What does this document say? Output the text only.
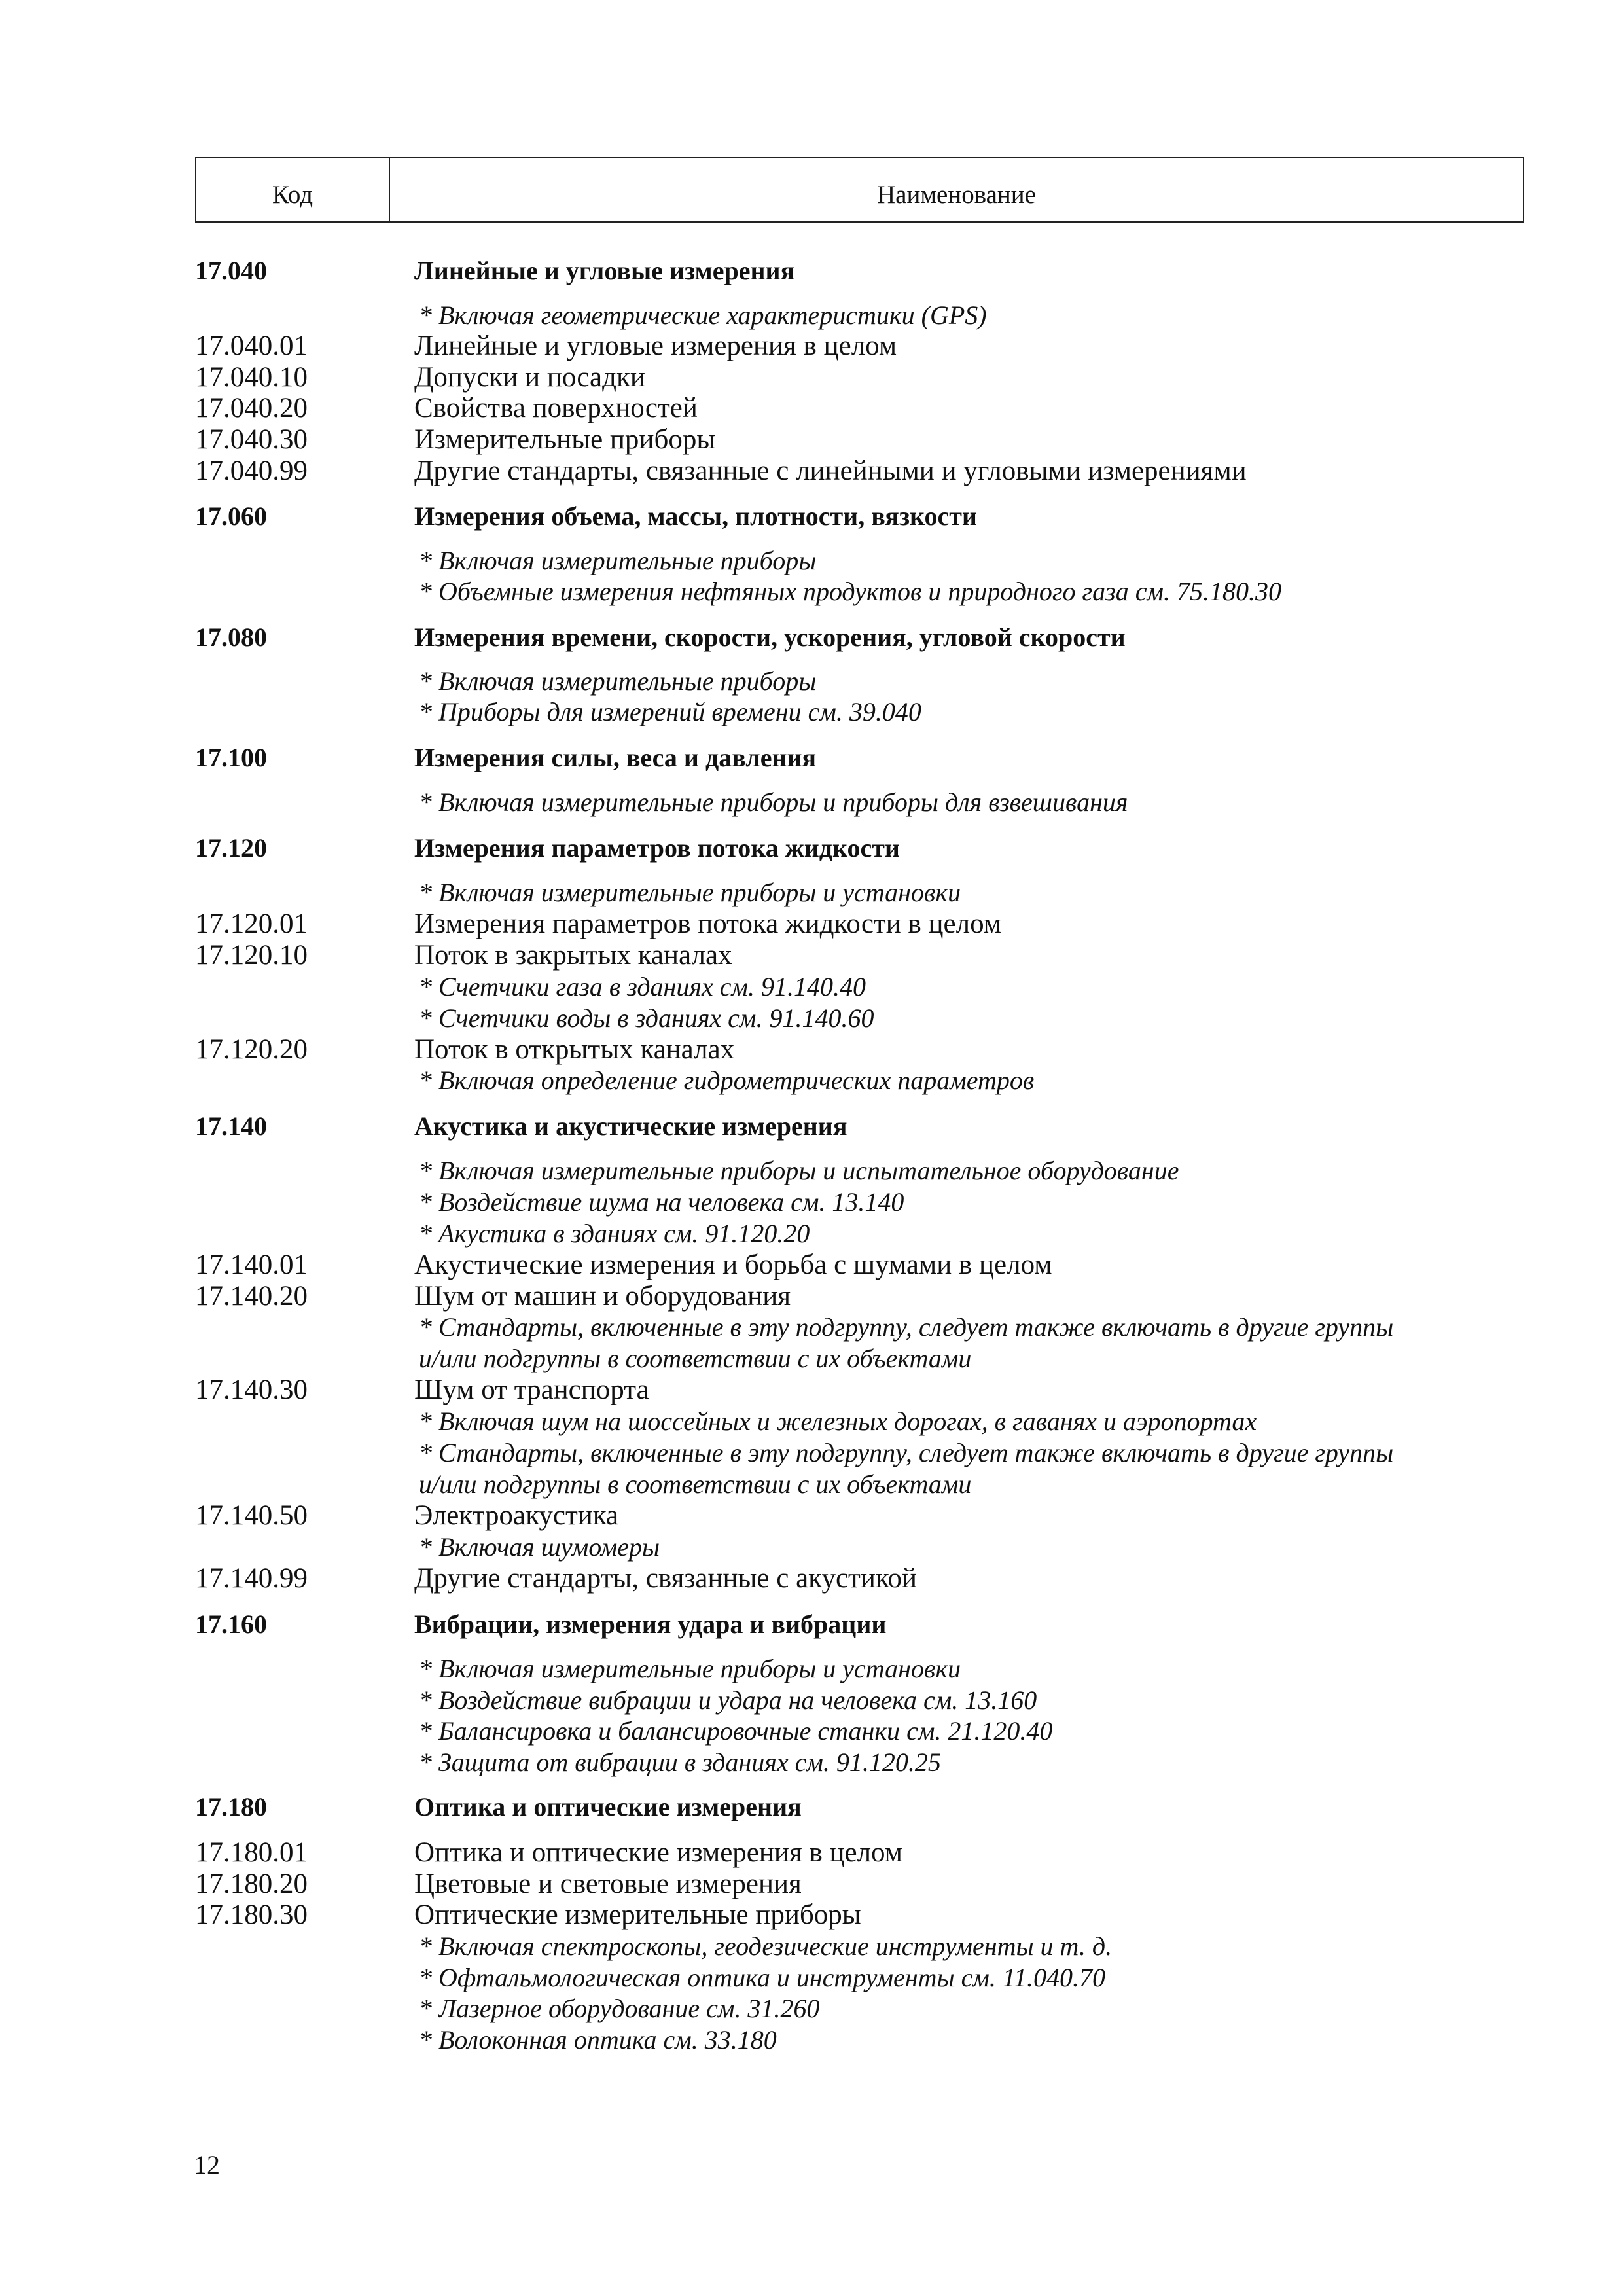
Код	Наименование
17.040	Линейные и угловые измерения
* Включая геометрические характеристики (GPS)
17.040.01	Линейные и угловые измерения в целом
17.040.10	Допуски и посадки
17.040.20	Свойства поверхностей
17.040.30	Измерительные приборы
17.040.99	Другие стандарты, связанные с линейными и угловыми измерениями
17.060	Измерения объема, массы, плотности, вязкости
* Включая измерительные приборы
* Объемные измерения нефтяных продуктов и природного газа см. 75.180.30
17.080	Измерения времени, скорости, ускорения, угловой скорости
* Включая измерительные приборы
* Приборы для измерений времени см. 39.040
17.100	Измерения силы, веса и давления
* Включая измерительные приборы и приборы для взвешивания
17.120	Измерения параметров потока жидкости
* Включая измерительные приборы и установки
17.120.01	Измерения параметров потока жидкости в целом
17.120.10	Поток в закрытых каналах
* Счетчики газа в зданиях см. 91.140.40
* Счетчики воды в зданиях см. 91.140.60
17.120.20	Поток в открытых каналах
* Включая определение гидрометрических параметров
17.140	Акустика и акустические измерения
* Включая измерительные приборы и испытательное оборудование
* Воздействие шума на человека см. 13.140
* Акустика в зданиях см. 91.120.20
17.140.01	Акустические измерения и борьба с шумами в целом
17.140.20	Шум от машин и оборудования
* Стандарты, включенные в эту подгруппу, следует также включать в другие группы
и/или подгруппы в соответствии с их объектами
17.140.30	Шум от транспорта
* Включая шум на шоссейных и железных дорогах, в гаванях и аэропортах
* Стандарты, включенные в эту подгруппу, следует также включать в другие группы
и/или подгруппы в соответствии с их объектами
17.140.50	Электроакустика
* Включая шумомеры
17.140.99	Другие стандарты, связанные с акустикой
17.160	Вибрации, измерения удара и вибрации
* Включая измерительные приборы и установки
* Воздействие вибрации и удара на человека см. 13.160
* Балансировка и балансировочные станки см. 21.120.40
* Защита от вибрации в зданиях см. 91.120.25
17.180	Оптика и оптические измерения
17.180.01	Оптика и оптические измерения в целом
17.180.20	Цветовые и световые измерения
17.180.30	Оптические измерительные приборы
* Включая спектроскопы, геодезические инструменты и т. д.
* Офтальмологическая оптика и инструменты см. 11.040.70
* Лазерное оборудование см. 31.260
* Волоконная оптика см. 33.180
12
